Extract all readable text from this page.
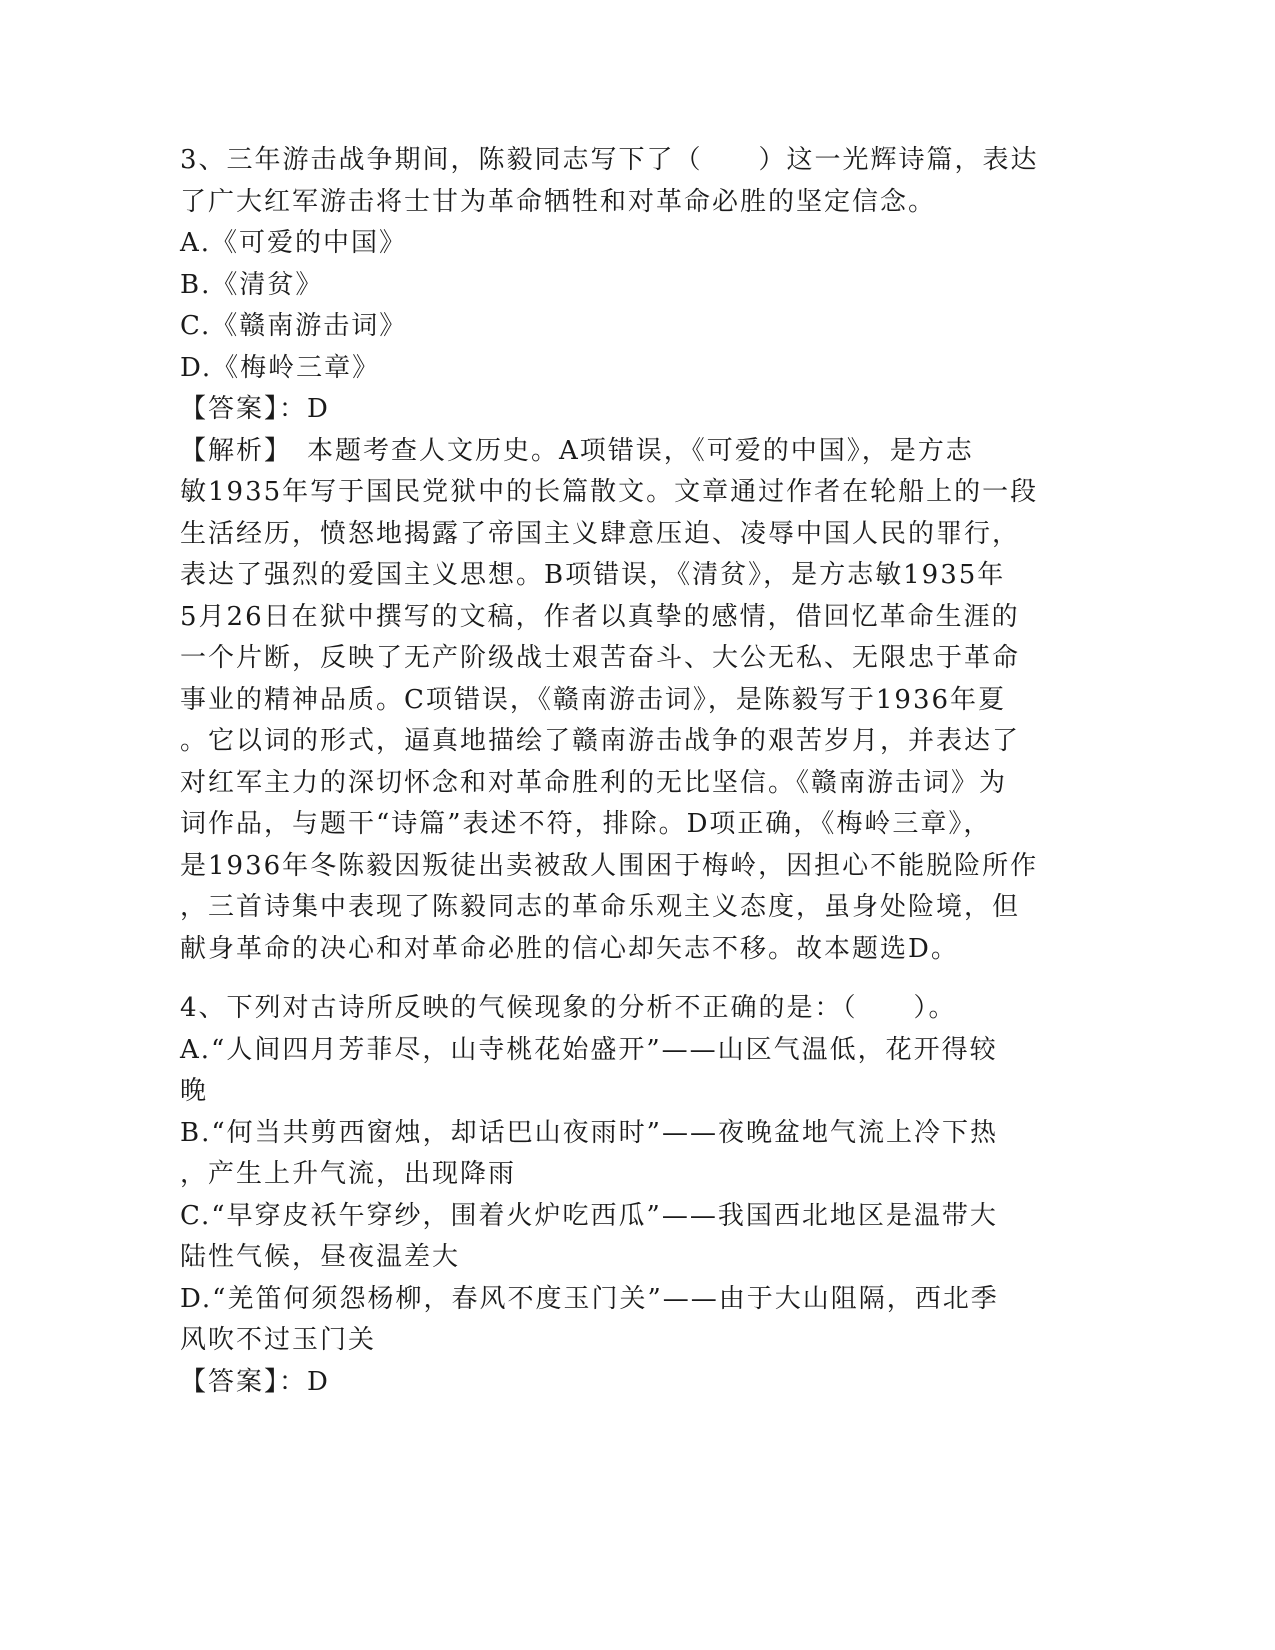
3、三年游击战争期间，陈毅同志写下了（　　）这一光辉诗篇，表达

了广大红军游击将士甘为革命牺牲和对革命必胜的坚定信念。

A.《可爱的中国》

B.《清贫》

C.《赣南游击词》

D.《梅岭三章》

【答案】：D

【解析】　本题考查人文历史。A项错误，《可爱的中国》，是方志

敏1935年写于国民党狱中的长篇散文。文章通过作者在轮船上的一段

生活经历，愤怒地揭露了帝国主义肆意压迫、凌辱中国人民的罪行，

表达了强烈的爱国主义思想。B项错误，《清贫》，是方志敏1935年

5月26日在狱中撰写的文稿，作者以真挚的感情，借回忆革命生涯的

一个片断，反映了无产阶级战士艰苦奋斗、大公无私、无限忠于革命

事业的精神品质。C项错误，《赣南游击词》，是陈毅写于1936年夏

。它以词的形式，逼真地描绘了赣南游击战争的艰苦岁月，并表达了

对红军主力的深切怀念和对革命胜利的无比坚信。《赣南游击词》为

词作品，与题干“诗篇”表述不符，排除。D项正确，《梅岭三章》，

是1936年冬陈毅因叛徒出卖被敌人围困于梅岭，因担心不能脱险所作

，三首诗集中表现了陈毅同志的革命乐观主义态度，虽身处险境，但

献身革命的决心和对革命必胜的信心却矢志不移。故本题选D。

4、下列对古诗所反映的气候现象的分析不正确的是：（　　）。

A.“人间四月芳菲尽，山寺桃花始盛开”——山区气温低，花开得较

晚

B.“何当共剪西窗烛，却话巴山夜雨时”——夜晚盆地气流上冷下热

，产生上升气流，出现降雨

C.“早穿皮袄午穿纱，围着火炉吃西瓜”——我国西北地区是温带大

陆性气候，昼夜温差大

D.“羌笛何须怨杨柳，春风不度玉门关”——由于大山阻隔，西北季

风吹不过玉门关

【答案】：D
